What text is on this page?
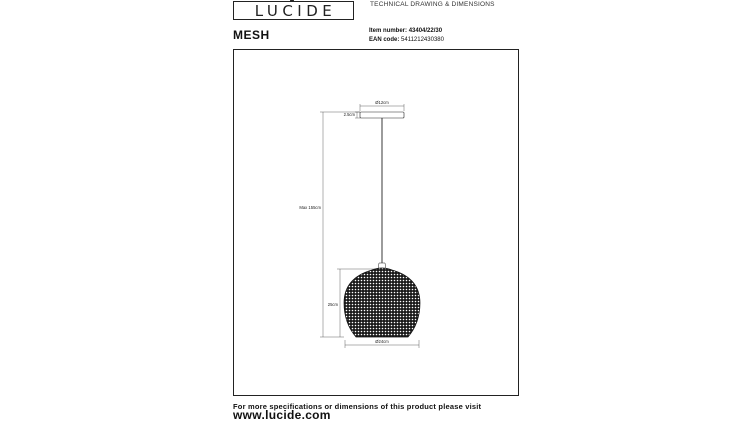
LUCIDE	TECHNICAL DRAWING & DIMENSIONS
MESH	Item number: 43404/22/30
EAN code: 5411212430380
Ø12cm
2.5cm
Max 155cm
25cm
Ø24cm
For more specifications or dimensions of this product please visit
www.lucide.com
